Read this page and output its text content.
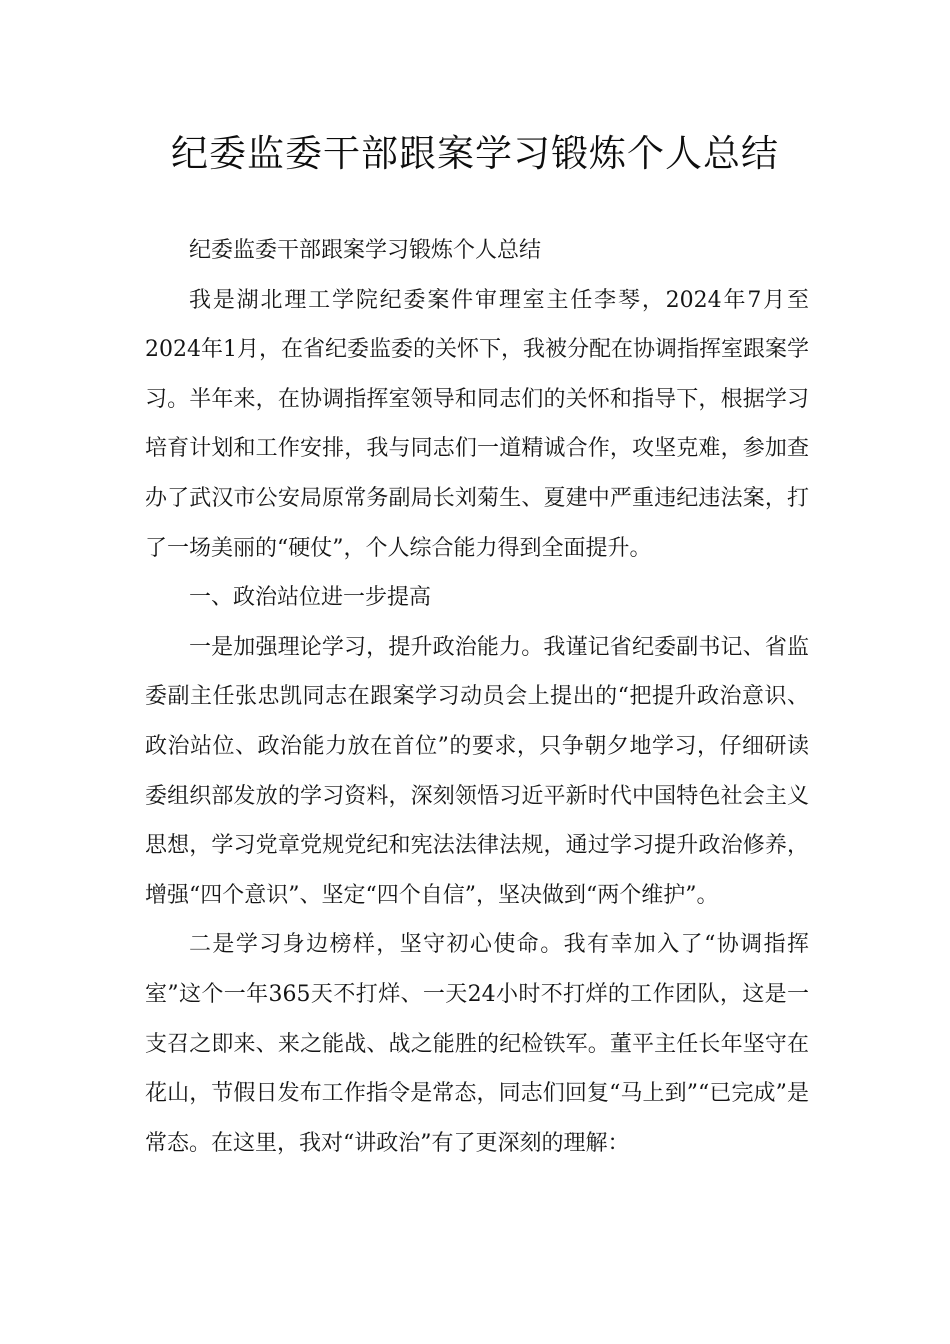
纪委监委干部跟案学习锻炼个人总结

纪委监委干部跟案学习锻炼个人总结

我是湖北理工学院纪委案件审理室主任李琴，2024年7月至2024年1月，在省纪委监委的关怀下，我被分配在协调指挥室跟案学习。半年来，在协调指挥室领导和同志们的关怀和指导下，根据学习培育计划和工作安排，我与同志们一道精诚合作，攻坚克难，参加查办了武汉市公安局原常务副局长刘菊生、夏建中严重违纪违法案，打了一场美丽的“硬仗”，个人综合能力得到全面提升。

一、政治站位进一步提高

一是加强理论学习，提升政治能力。我谨记省纪委副书记、省监委副主任张忠凯同志在跟案学习动员会上提出的“把提升政治意识、政治站位、政治能力放在首位”的要求，只争朝夕地学习，仔细研读委组织部发放的学习资料，深刻领悟习近平新时代中国特色社会主义思想，学习党章党规党纪和宪法法律法规，通过学习提升政治修养，增强“四个意识”、坚定“四个自信”，坚决做到“两个维护”。

二是学习身边榜样，坚守初心使命。我有幸加入了“协调指挥室”这个一年365天不打烊、一天24小时不打烊的工作团队，这是一支召之即来、来之能战、战之能胜的纪检铁军。董平主任长年坚守在花山，节假日发布工作指令是常态，同志们回复“马上到”“已完成”是常态。在这里，我对“讲政治”有了更深刻的理解：
